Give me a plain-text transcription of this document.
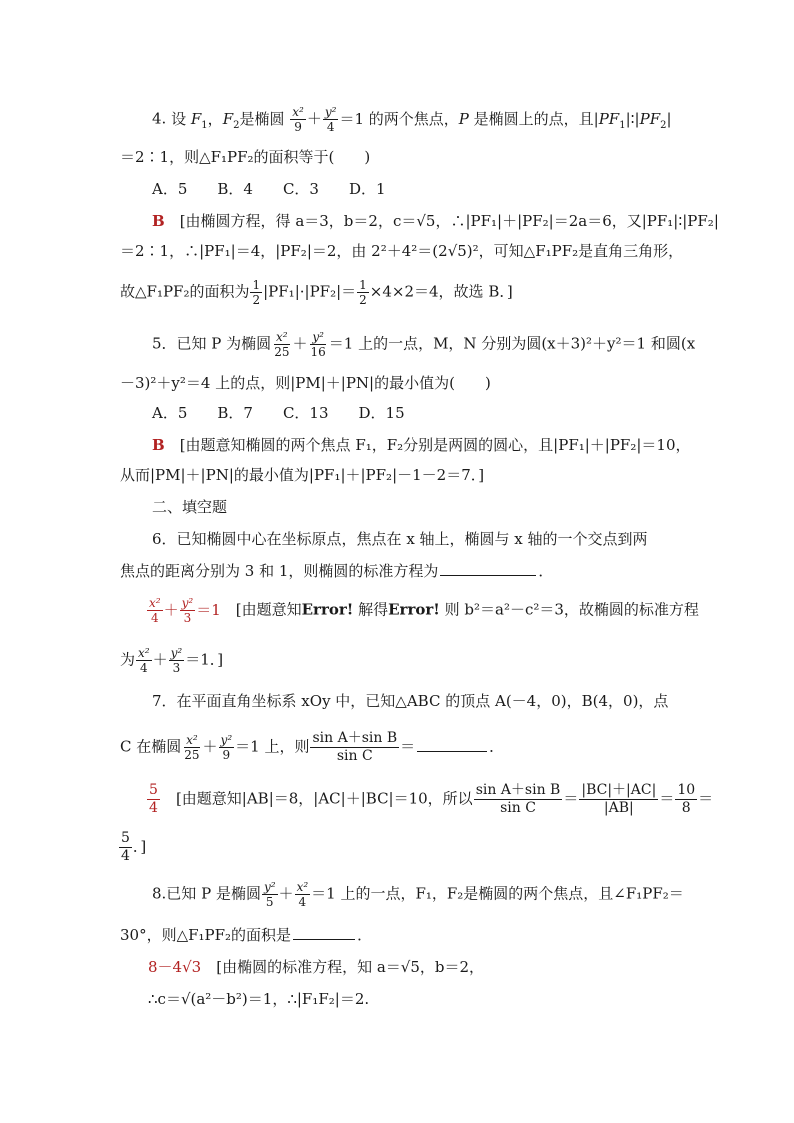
4. 设 $F_1$，$F_2$是椭圆 $\frac{\text{x²}}{9} + \frac{\text{y²}}{4} =1$ 的两个焦点，P 是椭圆上的点，且$|PF_1|∶|PF_2|$
＝2∶1，则△F₁PF₂的面积等于(　　)
A．5　　B．4　　C．3　　D．1
B　 [由椭圆方程，得 a＝3，b＝2，c＝√5，∴|PF₁|＋|PF₂|＝2a＝6，又|PF₁|∶|PF₂|
＝2∶1，∴|PF₁|＝4，|PF₂|＝2，由 2²＋4²＝(2√5)²，可知△F₁PF₂是直角三角形，
故△F₁PF₂的面积为 $\frac{1}{2} |PF_1|\cdot|PF_2|= \frac{1}{2} \times 4\times 2=4$，故选 B．]
5．已知 P 为椭圆 $\frac{\text{x²}}{25} + \frac{\text{y²}}{16} =1$ 上的一点，M，N 分别为圆(x＋3)²＋y²＝1 和圆(x
－3)²＋y²＝4 上的点，则|PM|＋|PN|的最小值为(　　)
A．5　　B．7　　C．13　　D．15
B　 [由题意知椭圆的两个焦点 F₁，F₂分别是两圆的圆心，且|PF₁|＋|PF₂|＝10，
从而|PM|＋|PN|的最小值为|PF₁|＋|PF₂|－1－2＝7．]
二、填空题
6．已知椭圆中心在坐标原点，焦点在 x 轴上，椭圆与 x 轴的一个交点到两
焦点的距离分别为 3 和 1，则椭圆的标准方程为	．
$\frac{\text{x²}}{4} + \frac{\text{y²}}{3} =1$　 [由题意知Error! 解得Error! 则 b²＝a²－c²＝3，故椭圆的标准方程
为 $\frac{\text{x²}}{4} + \frac{\text{y²}}{3} =1$．]
7．在平面直角坐标系 xOy 中，已知△ABC 的顶点 A(－4，0)，B(4，0)，点
C 在椭圆 $\frac{\text{x²}}{25} + \frac{\text{y²}}{9} =1$ 上，则 $\frac{\text{sin A＋sin B}}{\text{sin C}}$ ＝	．
$\frac{5}{4}$
　 [由题意知|AB|＝8，|AC|＋|BC|＝10，所以 $\frac{\text{sin A＋sin B}}{\text{sin C}} = \frac{|BC|+|AC|}{|AB|} = \frac{10}{8}$ ＝
$\frac{5}{4}$ ．]
8.已知 P 是椭圆 $\frac{\text{y²}}{5} + \frac{\text{x²}}{4} =1$ 上的一点，F₁，F₂是椭圆的两个焦点，且∠F₁PF₂＝
30°，则△F₁PF₂的面积是	．
8－4√3　 [由椭圆的标准方程，知 a＝√5，b＝2，
∴c＝√(a²－b²)＝1，∴|F₁F₂|＝2.
